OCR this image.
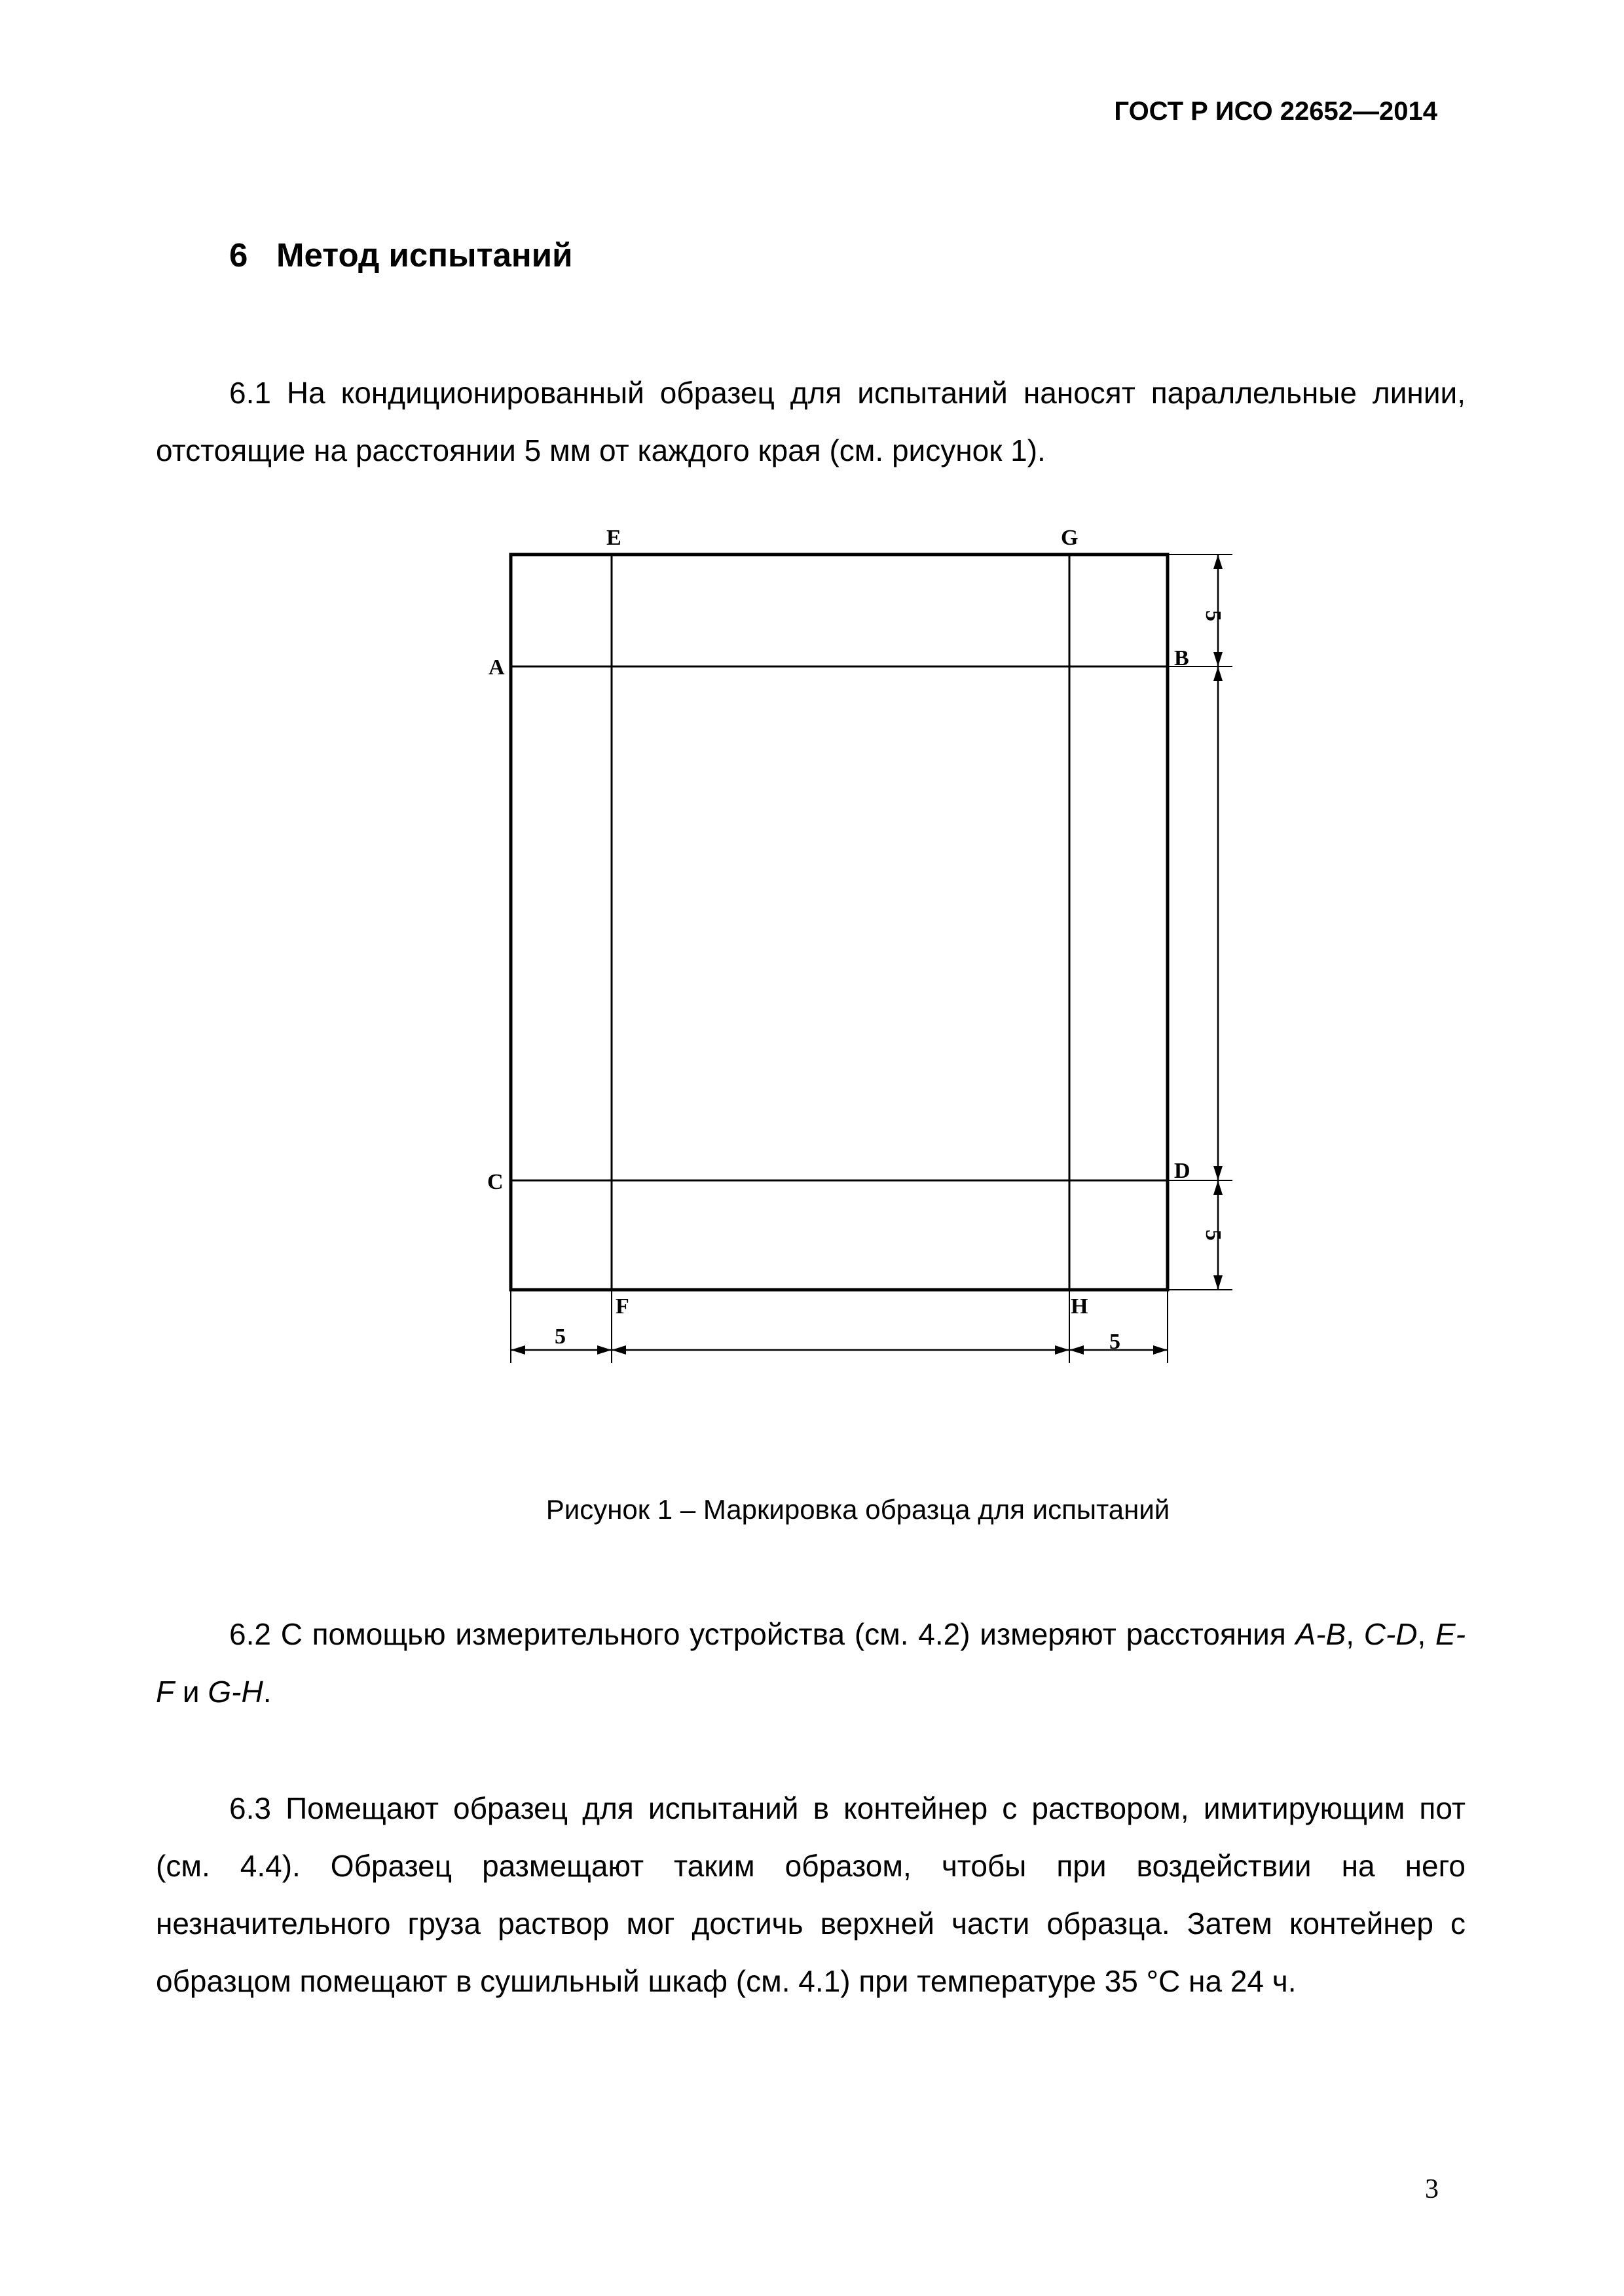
ГОСТ Р ИСО 22652—2014
6 Метод испытаний
6.1 На кондиционированный образец для испытаний наносят параллельные линии, отстоящие на расстоянии 5 мм от каждого края (см. рисунок 1).
E	G
A	B
C	D
F	H
5	5
5
5
Рисунок 1 – Маркировка образца для испытаний
6.2 С помощью измерительного устройства (см. 4.2) измеряют расстояния A-B, C-D, E-F и G-H.
6.3 Помещают образец для испытаний в контейнер с раствором, имитирующим пот (см. 4.4). Образец размещают таким образом, чтобы при воздействии на него незначительного груза раствор мог достичь верхней части образца. Затем контейнер с образцом помещают в сушильный шкаф (см. 4.1) при температуре 35 °C на 24 ч.
3
